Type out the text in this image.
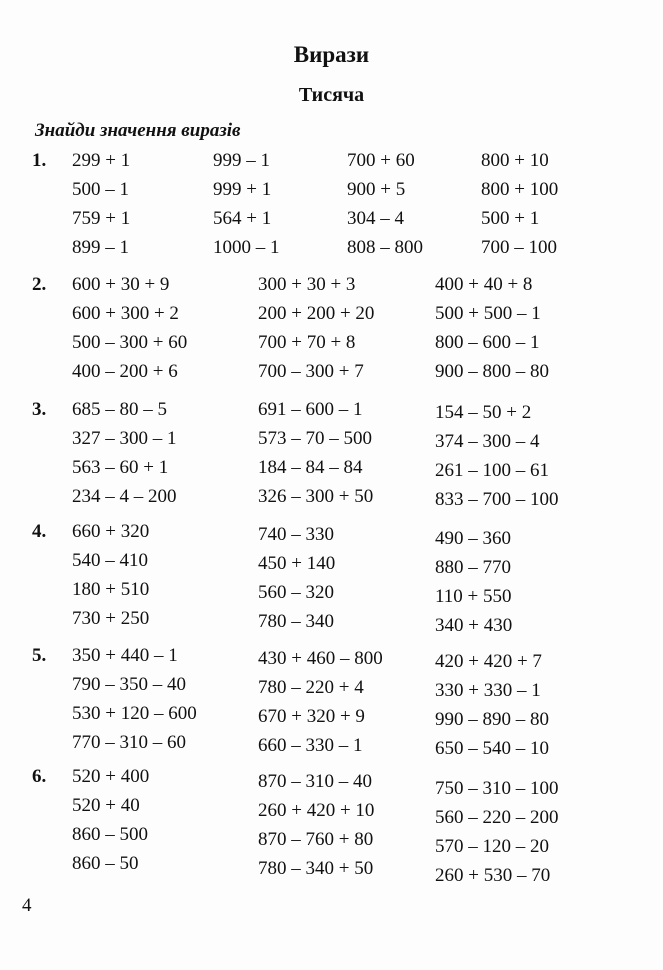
Вирази
Тисяча
Знайди значення виразів
1. 299 + 1
500 – 1
759 + 1
899 – 1
999 – 1
999 + 1
564 + 1
1000 – 1
700 + 60
900 + 5
304 – 4
808 – 800
800 + 10
800 + 100
500 + 1
700 – 100
2. 600 + 30 + 9
600 + 300 + 2
500 – 300 + 60
400 – 200 + 6
300 + 30 + 3
200 + 200 + 20
700 + 70 + 8
700 – 300 + 7
400 + 40 + 8
500 + 500 – 1
800 – 600 – 1
900 – 800 – 80
3. 685 – 80 – 5
327 – 300 – 1
563 – 60 + 1
234 – 4 – 200
691 – 600 – 1
573 – 70 – 500
184 – 84 – 84
326 – 300 + 50
154 – 50 + 2
374 – 300 – 4
261 – 100 – 61
833 – 700 – 100
4. 660 + 320
540 – 410
180 + 510
730 + 250
740 – 330
450 + 140
560 – 320
780 – 340
490 – 360
880 – 770
110 + 550
340 + 430
5. 350 + 440 – 1
790 – 350 – 40
530 + 120 – 600
770 – 310 – 60
430 + 460 – 800
780 – 220 + 4
670 + 320 + 9
660 – 330 – 1
420 + 420 + 7
330 + 330 – 1
990 – 890 – 80
650 – 540 – 10
6. 520 + 400
520 + 40
860 – 500
860 – 50
870 – 310 – 40
260 + 420 + 10
870 – 760 + 80
780 – 340 + 50
750 – 310 – 100
560 – 220 – 200
570 – 120 – 20
260 + 530 – 70
4
